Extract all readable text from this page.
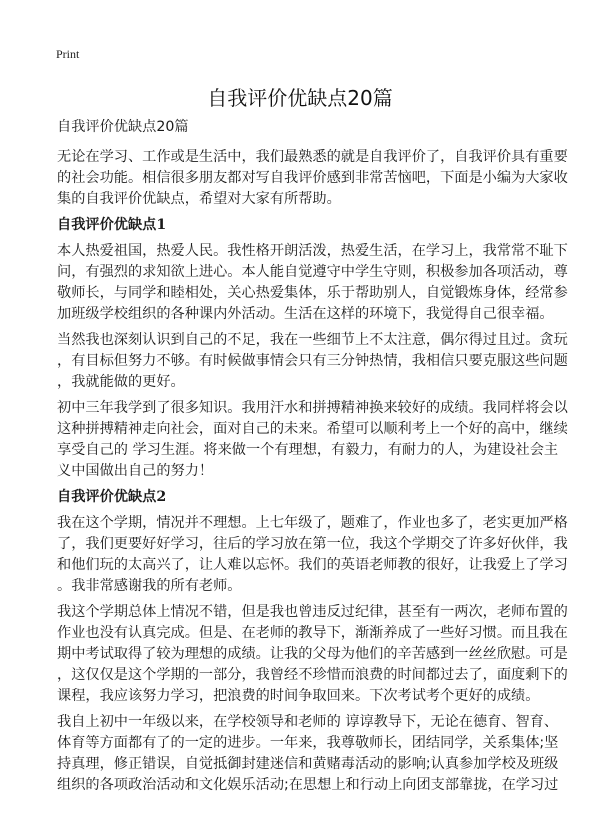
Print
自我评价优缺点20篇
自我评价优缺点20篇
无论在学习、工作或是生活中，我们最熟悉的就是自我评价了，自我评价具有重要
的社会功能。相信很多朋友都对写自我评价感到非常苦恼吧，下面是小编为大家收
集的自我评价优缺点，希望对大家有所帮助。
自我评价优缺点1
本人热爱祖国，热爱人民。我性格开朗活泼，热爱生活，在学习上，我常常不耻下
问，有强烈的求知欲上进心。本人能自觉遵守中学生守则，积极参加各项活动，尊
敬师长，与同学和睦相处，关心热爱集体，乐于帮助别人，自觉锻炼身体，经常参
加班级学校组织的各种课内外活动。生活在这样的环境下，我觉得自己很幸福。
当然我也深刻认识到自己的不足，我在一些细节上不太注意，偶尔得过且过。贪玩
，有目标但努力不够。有时候做事情会只有三分钟热情，我相信只要克服这些问题
，我就能做的更好。
初中三年我学到了很多知识。我用汗水和拼搏精神换来较好的成绩。我同样将会以
这种拼搏精神走向社会，面对自己的未来。希望可以顺利考上一个好的高中，继续
享受自己的 学习生涯。将来做一个有理想，有毅力，有耐力的人，为建设社会主
义中国做出自己的努力！
自我评价优缺点2
我在这个学期，情况并不理想。上七年级了，题难了，作业也多了，老实更加严格
了，我们更要好好学习，往后的学习放在第一位，我这个学期交了许多好伙伴，我
和他们玩的太高兴了，让人难以忘怀。我们的英语老师教的很好，让我爱上了学习
。我非常感谢我的所有老师。
我这个学期总体上情况不错，但是我也曾违反过纪律，甚至有一两次，老师布置的
作业也没有认真完成。但是、在老师的教导下，渐渐养成了一些好习惯。而且我在
期中考试取得了较为理想的成绩。让我的父母为他们的辛苦感到一丝丝欣慰。可是
，这仅仅是这个学期的一部分，我曾经不珍惜而浪费的时间都过去了，面度剩下的
课程，我应该努力学习，把浪费的时间争取回来。下次考试考个更好的成绩。
我自上初中一年级以来，在学校领导和老师的 谆谆教导下，无论在德育、智育、
体育等方面都有了的一定的进步。一年来，我尊敬师长，团结同学，关系集体;坚
持真理，修正错误，自觉抵御封建迷信和黄赌毒活动的影响;认真参加学校及班级
组织的各项政治活动和文化娱乐活动;在思想上和行动上向团支部靠拢，在学习过
